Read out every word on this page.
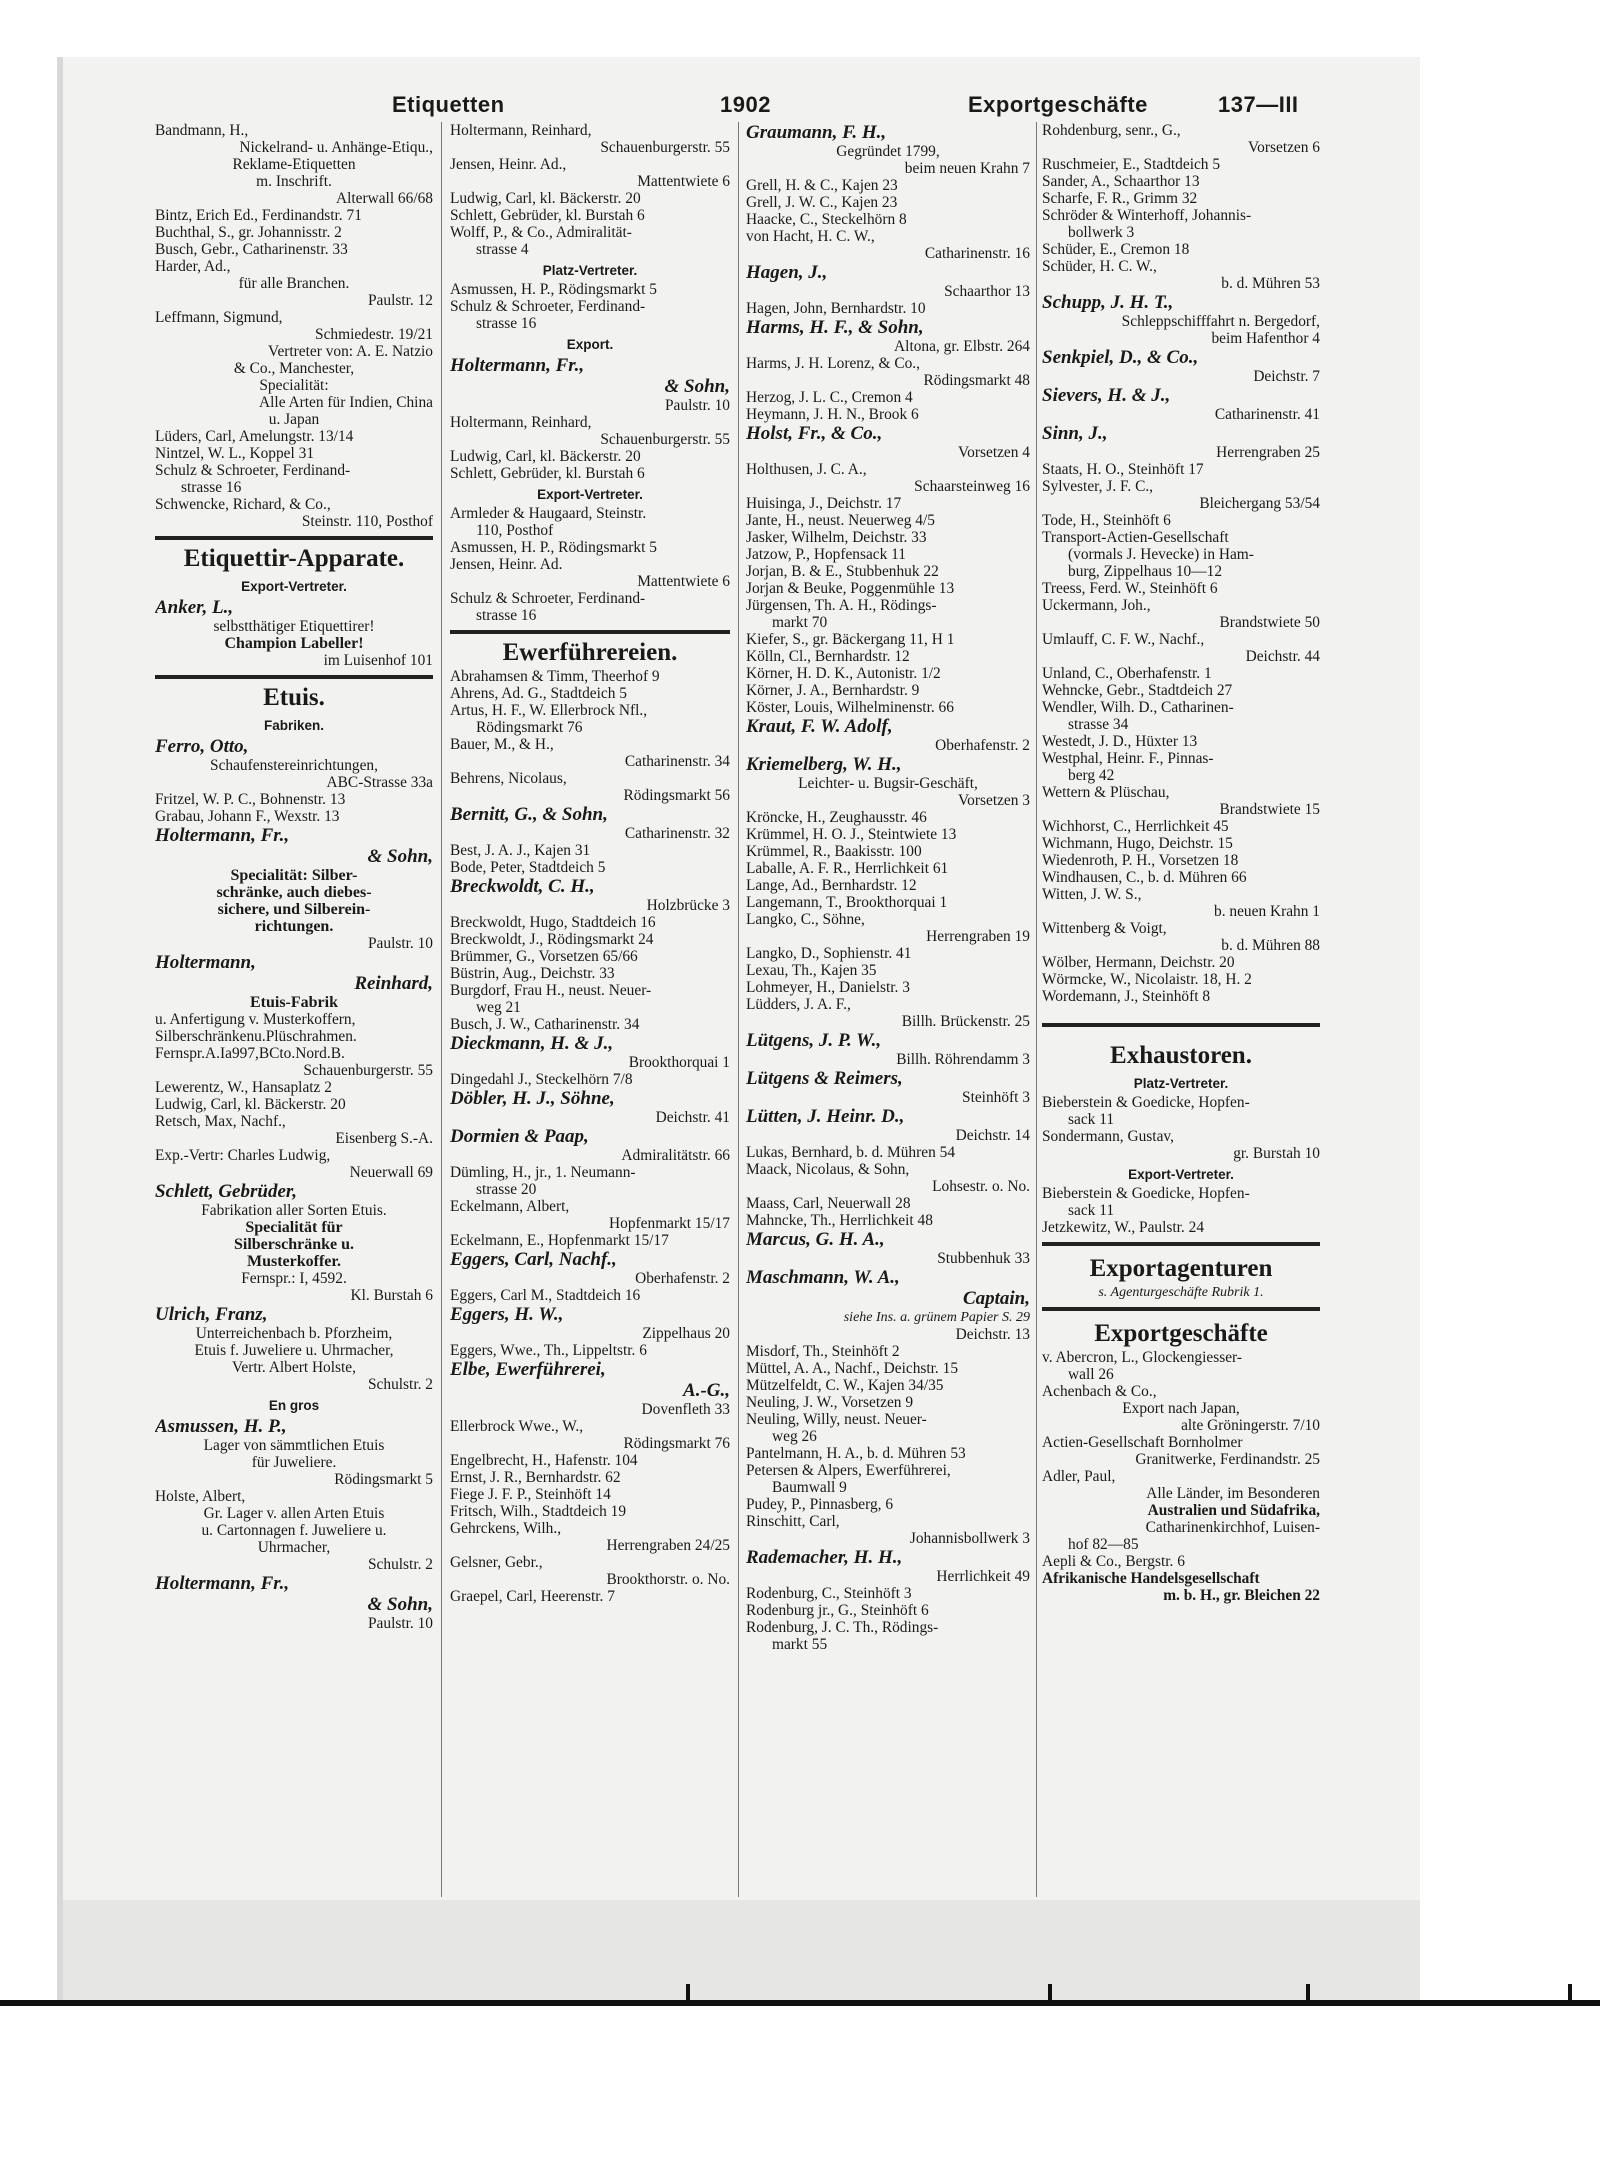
Etiquetten	1902	Exportgeschäfte	137—III
Bandmann, H.,
Nickelrand- u. Anhänge-Etiqu.,
Reklame-Etiquetten
m. Inschrift.
Alterwall 66/68
Bintz, Erich Ed., Ferdinandstr. 71
Buchthal, S., gr. Johannisstr. 2
Busch, Gebr., Catharinenstr. 33
Harder, Ad.,
für alle Branchen.
Paulstr. 12
Leffmann, Sigmund,
Schmiedestr. 19/21
Vertreter von: A. E. Natzio
& Co., Manchester,
Specialität:
Alle Arten für Indien, China
u. Japan
Lüders, Carl, Amelungstr. 13/14
Nintzel, W. L., Koppel 31
Schulz & Schroeter, Ferdinand-
strasse 16
Schwencke, Richard, & Co.,
Steinstr. 110, Posthof
Etiquettir-Apparate.
Export-Vertreter.
Anker, L.,
selbstthätiger Etiquettirer!
Champion Labeller!
im Luisenhof 101
Etuis.
Fabriken.
Ferro, Otto,
Schaufenstereinrichtungen,
ABC-Strasse 33a
Fritzel, W. P. C., Bohnenstr. 13
Grabau, Johann F., Wexstr. 13
Holtermann, Fr.,
& Sohn,
Specialität: Silber-
schränke, auch diebes-
sichere, und Silberein-
richtungen.
Paulstr. 10
Holtermann,
Reinhard,
Etuis-Fabrik
u. Anfertigung v. Musterkoffern,
Silberschränkenu.Plüschrahmen.
Fernspr.A.Ia997,BCto.Nord.B.
Schauenburgerstr. 55
Lewerentz, W., Hansaplatz 2
Ludwig, Carl, kl. Bäckerstr. 20
Retsch, Max, Nachf.,
Eisenberg S.-A.
Exp.-Vertr: Charles Ludwig,
Neuerwall 69
Schlett, Gebrüder,
Fabrikation aller Sorten Etuis.
Specialität für
Silberschränke u.
Musterkoffer.
Fernspr.: I, 4592.
Kl. Burstah 6
Ulrich, Franz,
Unterreichenbach b. Pforzheim,
Etuis f. Juweliere u. Uhrmacher,
Vertr. Albert Holste,
Schulstr. 2
En gros
Asmussen, H. P.,
Lager von sämmtlichen Etuis
für Juweliere.
Rödingsmarkt 5
Holste, Albert,
Gr. Lager v. allen Arten Etuis
u. Cartonnagen f. Juweliere u.
Uhrmacher,
Schulstr. 2
Holtermann, Fr.,
& Sohn,
Paulstr. 10
Holtermann, Reinhard,
Schauenburgerstr. 55
Jensen, Heinr. Ad.,
Mattentwiete 6
Ludwig, Carl, kl. Bäckerstr. 20
Schlett, Gebrüder, kl. Burstah 6
Wolff, P., & Co., Admiralität-
strasse 4
Platz-Vertreter.
Asmussen, H. P., Rödingsmarkt 5
Schulz & Schroeter, Ferdinand-
strasse 16
Export.
Holtermann, Fr.,
& Sohn,
Paulstr. 10
Holtermann, Reinhard,
Schauenburgerstr. 55
Ludwig, Carl, kl. Bäckerstr. 20
Schlett, Gebrüder, kl. Burstah 6
Export-Vertreter.
Armleder & Haugaard, Steinstr.
110, Posthof
Asmussen, H. P., Rödingsmarkt 5
Jensen, Heinr. Ad.
Mattentwiete 6
Schulz & Schroeter, Ferdinand-
strasse 16
Ewerführereien.
Abrahamsen & Timm, Theerhof 9
Ahrens, Ad. G., Stadtdeich 5
Artus, H. F., W. Ellerbrock Nfl.,
Rödingsmarkt 76
Bauer, M., & H.,
Catharinenstr. 34
Behrens, Nicolaus,
Rödingsmarkt 56
Bernitt, G., & Sohn,
Catharinenstr. 32
Best, J. A. J., Kajen 31
Bode, Peter, Stadtdeich 5
Breckwoldt, C. H.,
Holzbrücke 3
Breckwoldt, Hugo, Stadtdeich 16
Breckwoldt, J., Rödingsmarkt 24
Brümmer, G., Vorsetzen 65/66
Büstrin, Aug., Deichstr. 33
Burgdorf, Frau H., neust. Neuer-
weg 21
Busch, J. W., Catharinenstr. 34
Dieckmann, H. & J.,
Brookthorquai 1
Dingedahl J., Steckelhörn 7/8
Döbler, H. J., Söhne,
Deichstr. 41
Dormien & Paap,
Admiralitätstr. 66
Dümling, H., jr., 1. Neumann-
strasse 20
Eckelmann, Albert,
Hopfenmarkt 15/17
Eckelmann, E., Hopfenmarkt 15/17
Eggers, Carl, Nachf.,
Oberhafenstr. 2
Eggers, Carl M., Stadtdeich 16
Eggers, H. W.,
Zippelhaus 20
Eggers, Wwe., Th., Lippeltstr. 6
Elbe, Ewerführerei,
A.-G.,
Dovenfleth 33
Ellerbrock Wwe., W.,
Rödingsmarkt 76
Engelbrecht, H., Hafenstr. 104
Ernst, J. R., Bernhardstr. 62
Fiege J. F. P., Steinhöft 14
Fritsch, Wilh., Stadtdeich 19
Gehrckens, Wilh.,
Herrengraben 24/25
Gelsner, Gebr.,
Brookthorstr. o. No.
Graepel, Carl, Heerenstr. 7
Graumann, F. H.,
Gegründet 1799,
beim neuen Krahn 7
Grell, H. & C., Kajen 23
Grell, J. W. C., Kajen 23
Haacke, C., Steckelhörn 8
von Hacht, H. C. W.,
Catharinenstr. 16
Hagen, J.,
Schaarthor 13
Hagen, John, Bernhardstr. 10
Harms, H. F., & Sohn,
Altona, gr. Elbstr. 264
Harms, J. H. Lorenz, & Co.,
Rödingsmarkt 48
Herzog, J. L. C., Cremon 4
Heymann, J. H. N., Brook 6
Holst, Fr., & Co.,
Vorsetzen 4
Holthusen, J. C. A.,
Schaarsteinweg 16
Huisinga, J., Deichstr. 17
Jante, H., neust. Neuerweg 4/5
Jasker, Wilhelm, Deichstr. 33
Jatzow, P., Hopfensack 11
Jorjan, B. & E., Stubbenhuk 22
Jorjan & Beuke, Poggenmühle 13
Jürgensen, Th. A. H., Rödings-
markt 70
Kiefer, S., gr. Bäckergang 11, H 1
Kölln, Cl., Bernhardstr. 12
Körner, H. D. K., Autonistr. 1/2
Körner, J. A., Bernhardstr. 9
Köster, Louis, Wilhelminenstr. 66
Kraut, F. W. Adolf,
Oberhafenstr. 2
Kriemelberg, W. H.,
Leichter- u. Bugsir-Geschäft,
Vorsetzen 3
Kröncke, H., Zeughausstr. 46
Krümmel, H. O. J., Steintwiete 13
Krümmel, R., Baakisstr. 100
Laballe, A. F. R., Herrlichkeit 61
Lange, Ad., Bernhardstr. 12
Langemann, T., Brookthorquai 1
Langko, C., Söhne,
Herrengraben 19
Langko, D., Sophienstr. 41
Lexau, Th., Kajen 35
Lohmeyer, H., Danielstr. 3
Lüdders, J. A. F.,
Billh. Brückenstr. 25
Lütgens, J. P. W.,
Billh. Röhrendamm 3
Lütgens & Reimers,
Steinhöft 3
Lütten, J. Heinr. D.,
Deichstr. 14
Lukas, Bernhard, b. d. Mühren 54
Maack, Nicolaus, & Sohn,
Lohsestr. o. No.
Maass, Carl, Neuerwall 28
Mahncke, Th., Herrlichkeit 48
Marcus, G. H. A.,
Stubbenhuk 33
Maschmann, W. A.,
Captain,
siehe Ins. a. grünem Papier S. 29
Deichstr. 13
Misdorf, Th., Steinhöft 2
Müttel, A. A., Nachf., Deichstr. 15
Mützelfeldt, C. W., Kajen 34/35
Neuling, J. W., Vorsetzen 9
Neuling, Willy, neust. Neuer-
weg 26
Pantelmann, H. A., b. d. Mühren 53
Petersen & Alpers, Ewerführerei,
Baumwall 9
Pudey, P., Pinnasberg, 6
Rinschitt, Carl,
Johannisbollwerk 3
Rademacher, H. H.,
Herrlichkeit 49
Rodenburg, C., Steinhöft 3
Rodenburg jr., G., Steinhöft 6
Rodenburg, J. C. Th., Rödings-
markt 55
Rohdenburg, senr., G.,
Vorsetzen 6
Ruschmeier, E., Stadtdeich 5
Sander, A., Schaarthor 13
Scharfe, F. R., Grimm 32
Schröder & Winterhoff, Johannis-
bollwerk 3
Schüder, E., Cremon 18
Schüder, H. C. W.,
b. d. Mühren 53
Schupp, J. H. T.,
Schleppschifffahrt n. Bergedorf,
beim Hafenthor 4
Senkpiel, D., & Co.,
Deichstr. 7
Sievers, H. & J.,
Catharinenstr. 41
Sinn, J.,
Herrengraben 25
Staats, H. O., Steinhöft 17
Sylvester, J. F. C.,
Bleichergang 53/54
Tode, H., Steinhöft 6
Transport-Actien-Gesellschaft
(vormals J. Hevecke) in Ham-
burg, Zippelhaus 10—12
Treess, Ferd. W., Steinhöft 6
Uckermann, Joh.,
Brandstwiete 50
Umlauff, C. F. W., Nachf.,
Deichstr. 44
Unland, C., Oberhafenstr. 1
Wehncke, Gebr., Stadtdeich 27
Wendler, Wilh. D., Catharinen-
strasse 34
Westedt, J. D., Hüxter 13
Westphal, Heinr. F., Pinnas-
berg 42
Wettern & Plüschau,
Brandstwiete 15
Wichhorst, C., Herrlichkeit 45
Wichmann, Hugo, Deichstr. 15
Wiedenroth, P. H., Vorsetzen 18
Windhausen, C., b. d. Mühren 66
Witten, J. W. S.,
b. neuen Krahn 1
Wittenberg & Voigt,
b. d. Mühren 88
Wölber, Hermann, Deichstr. 20
Wörmcke, W., Nicolaistr. 18, H. 2
Wordemann, J., Steinhöft 8
Exhaustoren.
Platz-Vertreter.
Bieberstein & Goedicke, Hopfen-
sack 11
Sondermann, Gustav,
gr. Burstah 10
Export-Vertreter.
Bieberstein & Goedicke, Hopfen-
sack 11
Jetzkewitz, W., Paulstr. 24
Exportagenturen
s. Agenturgeschäfte Rubrik 1.
Exportgeschäfte
v. Abercron, L., Glockengiesser-
wall 26
Achenbach & Co.,
Export nach Japan,
alte Gröningerstr. 7/10
Actien-Gesellschaft Bornholmer
Granitwerke, Ferdinandstr. 25
Adler, Paul,
Alle Länder, im Besonderen
Australien und Südafrika,
Catharinenkirchhof, Luisen-
hof 82—85
Aepli & Co., Bergstr. 6
Afrikanische Handelsgesellschaft
m. b. H., gr. Bleichen 22
